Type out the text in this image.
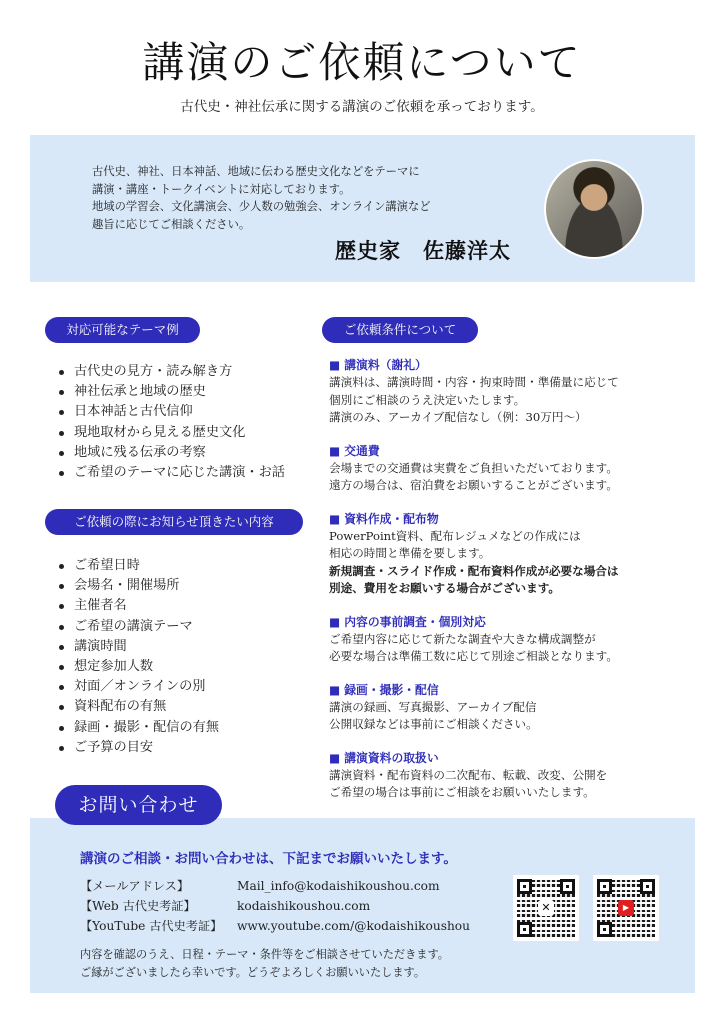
講演のご依頼について

古代史・神社伝承に関する講演のご依頼を承っております。

古代史、神社、日本神話、地域に伝わる歴史文化などをテーマに
講演・講座・トークイベントに対応しております。
地域の学習会、文化講演会、少人数の勉強会、オンライン講演など
趣旨に応じてご相談ください。
歴史家　佐藤洋太
対応可能なテーマ例
古代史の見方・読み解き方
神社伝承と地域の歴史
日本神話と古代信仰
現地取材から見える歴史文化
地域に残る伝承の考察
ご希望のテーマに応じた講演・お話
ご依頼の際にお知らせ頂きたい内容
ご希望日時
会場名・開催場所
主催者名
ご希望の講演テーマ
講演時間
想定参加人数
対面／オンラインの別
資料配布の有無
録画・撮影・配信の有無
ご予算の目安
ご依頼条件について
■ 講演料（謝礼）
講演料は、講演時間・内容・拘束時間・準備量に応じて
個別にご相談のうえ決定いたします。
講演のみ、アーカイブ配信なし（例：30万円～）
■ 交通費
会場までの交通費は実費をご負担いただいております。
遠方の場合は、宿泊費をお願いすることがございます。
■ 資料作成・配布物
PowerPoint資料、配布レジュメなどの作成には
相応の時間と準備を要します。
新規調査・スライド作成・配布資料作成が必要な場合は
別途、費用をお願いする場合がございます。
■ 内容の事前調査・個別対応
ご希望内容に応じて新たな調査や大きな構成調整が
必要な場合は準備工数に応じて別途ご相談となります。
■ 録画・撮影・配信
講演の録画、写真撮影、アーカイブ配信
公開収録などは事前にご相談ください。
■ 講演資料の取扱い
講演資料・配布資料の二次配布、転載、改変、公開を
ご希望の場合は事前にご相談をお願いいたします。
講演のご相談・お問い合わせは、下記までお願いいたします。
【メールアドレス】	Mail_info@kodaishikoushou.com
【Web 古代史考証】	kodaishikoushou.com
【YouTube 古代史考証】	www.youtube.com/@kodaishikoushou
内容を確認のうえ、日程・テーマ・条件等をご相談させていただきます。
ご縁がございましたら幸いです。どうぞよろしくお願いいたします。
✕	▶
お問い合わせ
